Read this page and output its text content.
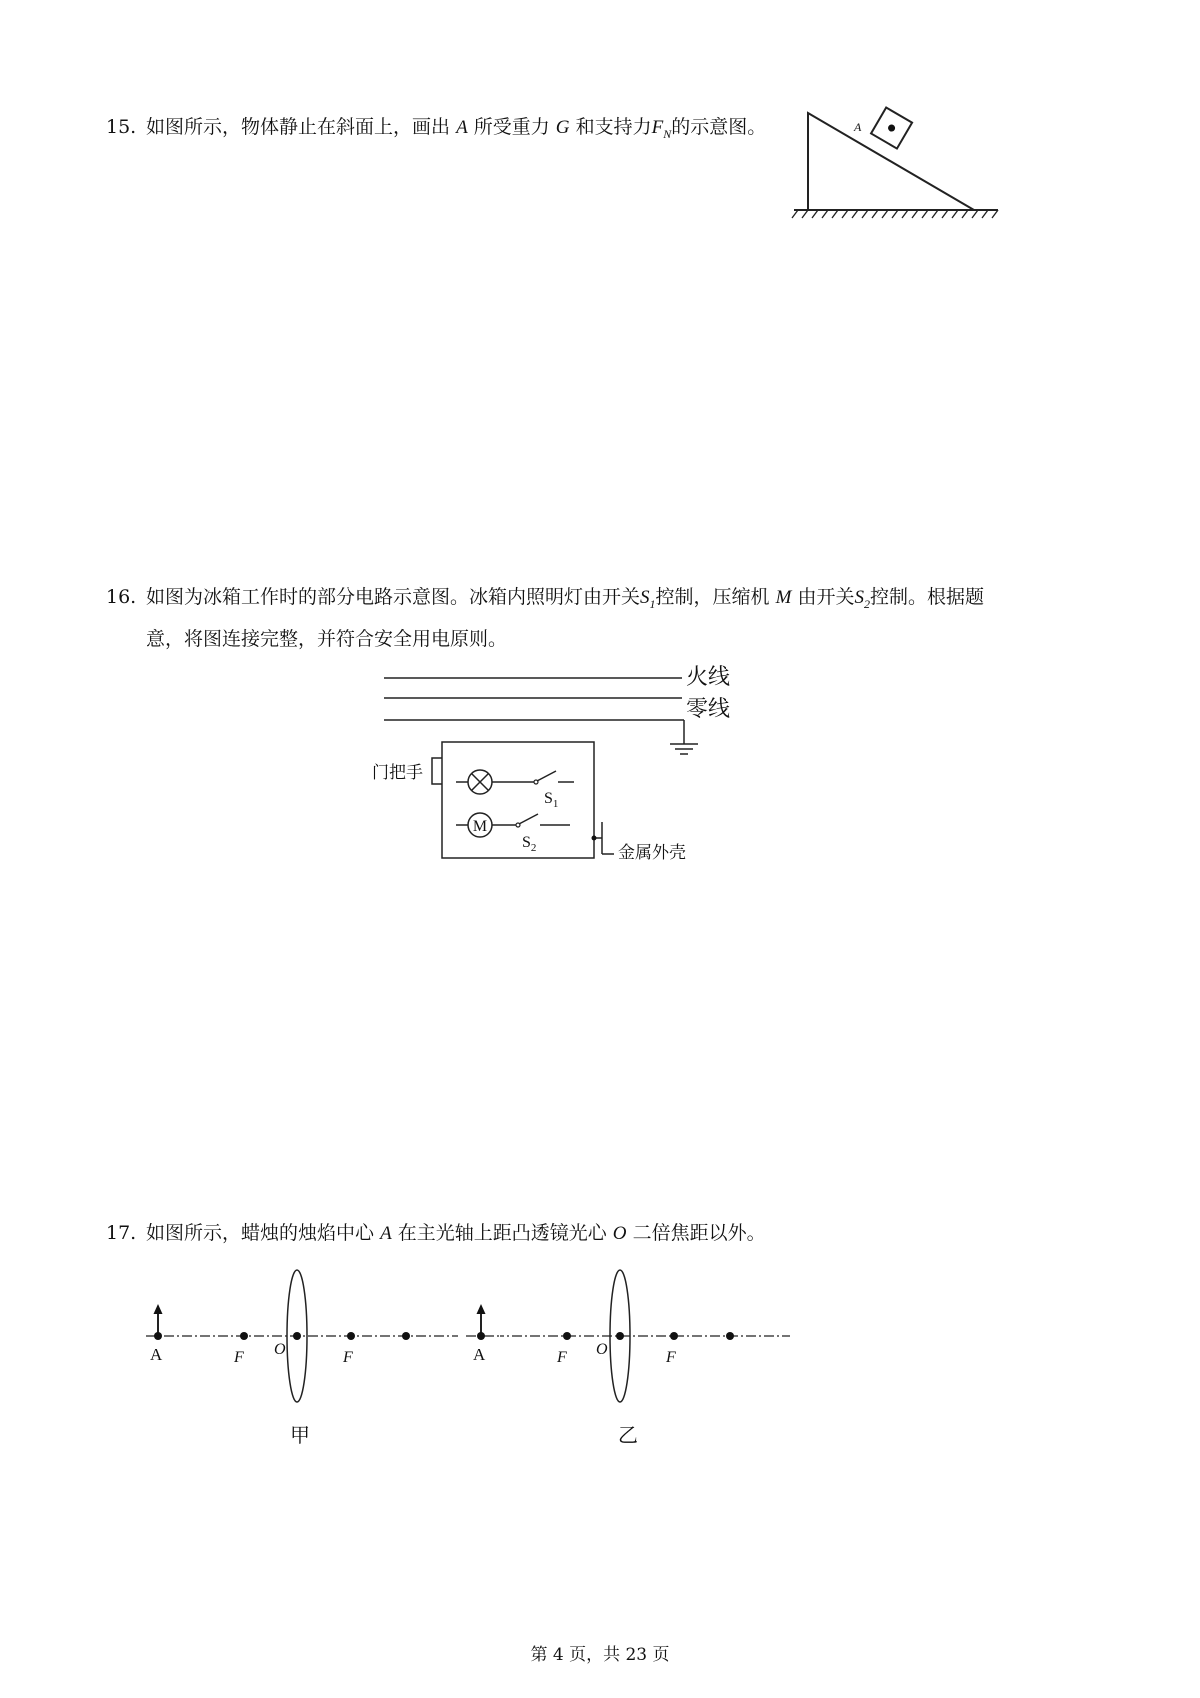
15. 如图所示，物体静止在斜面上，画出 A 所受重力 G 和支持力$F_N$的示意图。	A
16. 如图为冰箱工作时的部分电路示意图。冰箱内照明灯由开关$S_1$控制，压缩机 M 由开关$S_2$控制。根据题
意，将图连接完整，并符合安全用电原则。
火线
零线
门把手
$S_1$
M
$S_2$	金属外壳
17. 如图所示，蜡烛的烛焰中心 A 在主光轴上距凸透镜光心 O 二倍焦距以外。
A	F O	F
甲
F O	F
乙
A
第 4 页，共 23 页
